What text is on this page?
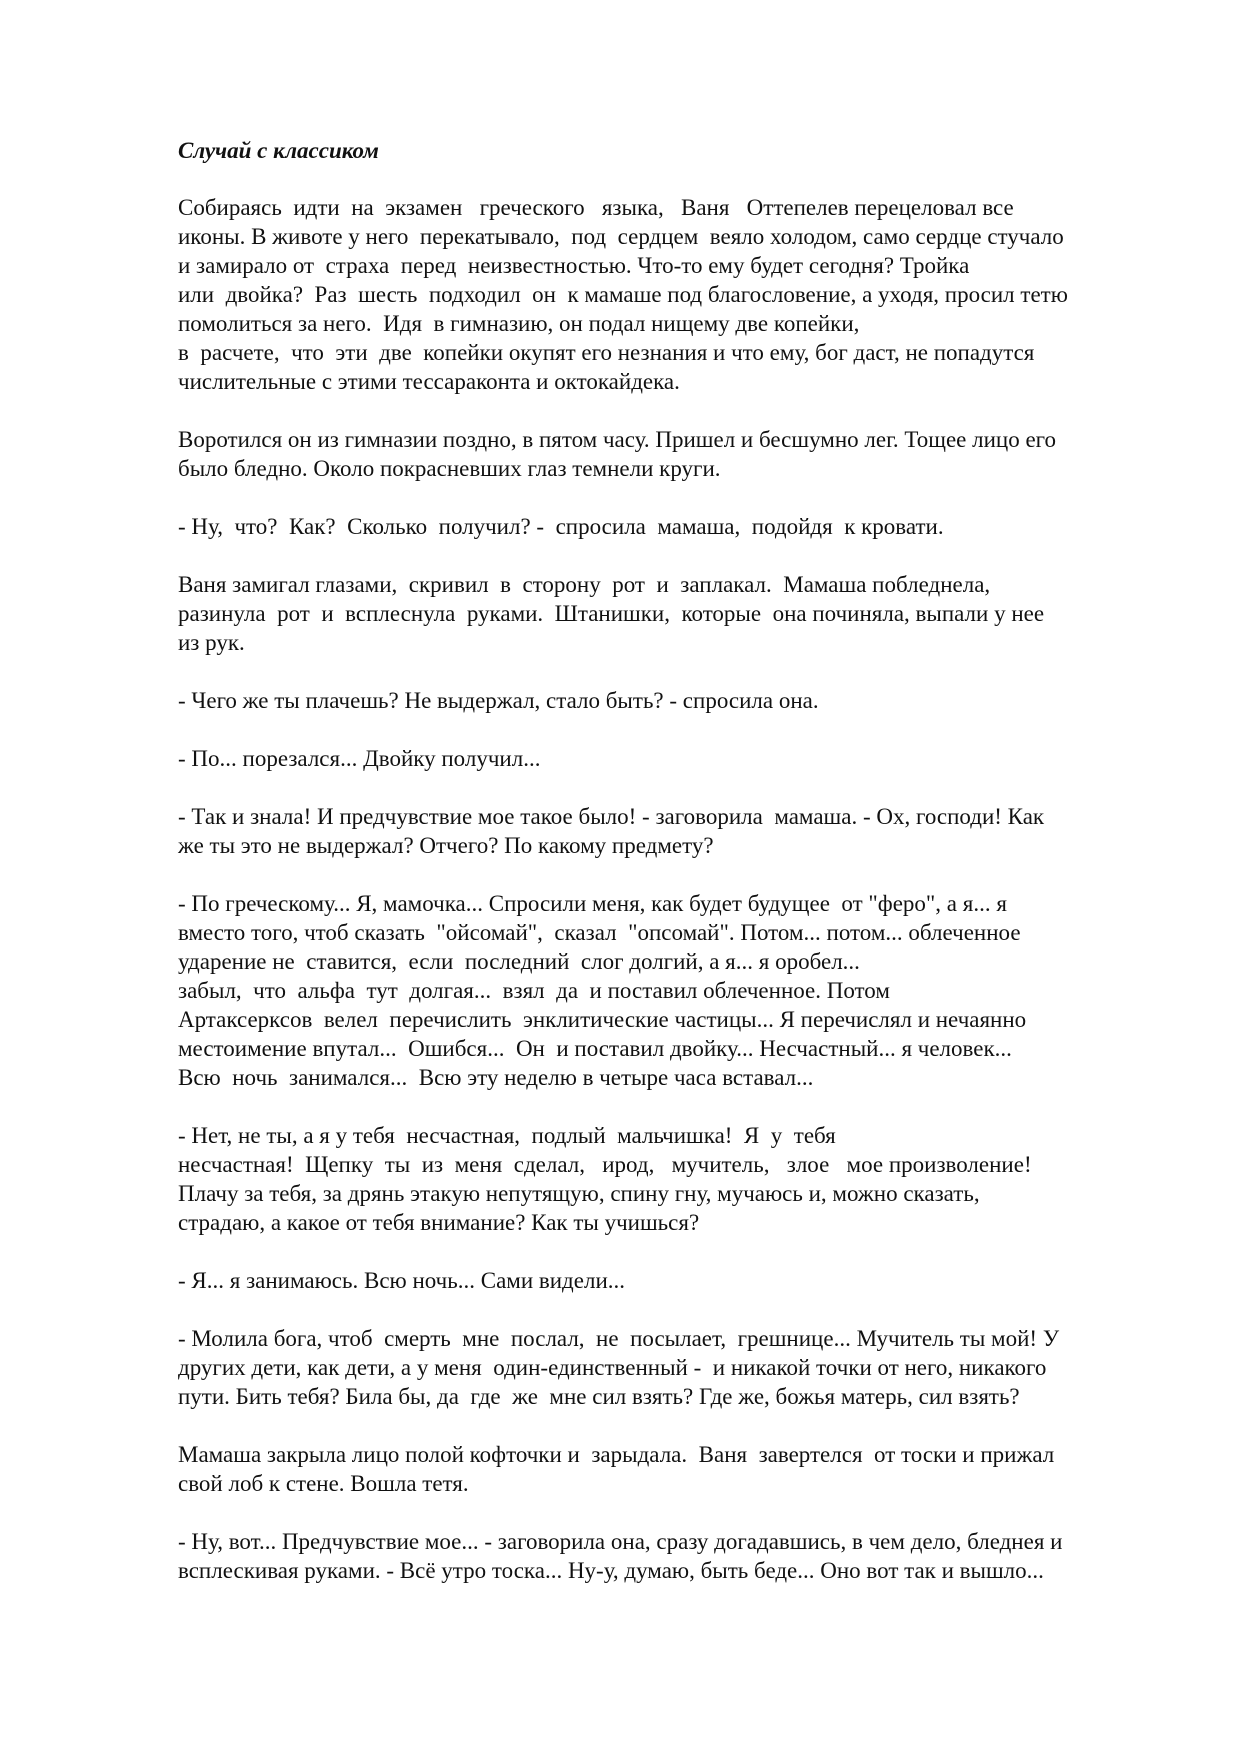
Случай с классиком
Собираясь  идти  на  экзамен   греческого   языка,   Ваня   Оттепелев перецеловал все
иконы. В животе у него  перекатывало,  под  сердцем  веяло холодом, само сердце стучало
и замирало от  страха  перед  неизвестностью. Что-то ему будет сегодня? Тройка
или  двойка?  Раз  шесть  подходил  он  к мамаше под благословение, а уходя, просил тетю
помолиться за него.  Идя  в гимназию, он подал нищему две копейки,
в  расчете,  что  эти  две  копейки окупят его незнания и что ему, бог даст, не попадутся
числительные с этими тессараконта и октокайдека.
Воротился он из гимназии поздно, в пятом часу. Пришел и бесшумно лег. Тощее лицо его
было бледно. Около покрасневших глаз темнели круги.
- Ну,  что?  Как?  Сколько  получил? -  спросила  мамаша,  подойдя  к кровати.
Ваня замигал глазами,  скривил  в  сторону  рот  и  заплакал.  Мамаша побледнела,
разинула  рот  и  всплеснула  руками.  Штанишки,  которые  она починяла, выпали у нее
из рук.
- Чего же ты плачешь? Не выдержал, стало быть? - спросила она.
- По... порезался... Двойку получил...
- Так и знала! И предчувствие мое такое было! - заговорила  мамаша. - Ох, господи! Как
же ты это не выдержал? Отчего? По какому предмету?
- По греческому... Я, мамочка... Спросили меня, как будет будущее  от "феро", а я... я
вместо того, чтоб сказать  "ойсомай",  сказал  "опсомай". Потом... потом... облеченное
ударение не  ставится,  если  последний  слог долгий, а я... я оробел...
забыл,  что  альфа  тут  долгая...  взял  да  и поставил облеченное. Потом
Артаксерксов  велел  перечислить  энклитические частицы... Я перечислял и нечаянно
местоимение впутал...  Ошибся...  Он  и поставил двойку... Несчастный... я человек...
Всю  ночь  занимался...  Всю эту неделю в четыре часа вставал...
- Нет, не ты, а я у тебя  несчастная,  подлый  мальчишка!  Я  у  тебя
несчастная!  Щепку  ты  из  меня  сделал,   ирод,   мучитель,   злое   мое произволение!
Плачу за тебя, за дрянь этакую непутящую, спину гну, мучаюсь и, можно сказать,
страдаю, а какое от тебя внимание? Как ты учишься?
- Я... я занимаюсь. Всю ночь... Сами видели...
- Молила бога, чтоб  смерть  мне  послал,  не  посылает,  грешнице... Мучитель ты мой! У
других дети, как дети, а у меня  один-единственный -  и никакой точки от него, никакого
пути. Бить тебя? Била бы, да  где  же  мне сил взять? Где же, божья матерь, сил взять?
Мамаша закрыла лицо полой кофточки и  зарыдала.  Ваня  завертелся  от тоски и прижал
свой лоб к стене. Вошла тетя.
- Ну, вот... Предчувствие мое... - заговорила она, сразу догадавшись, в чем дело, бледнея и
всплескивая руками. - Всё утро тоска... Ну-у, думаю, быть беде... Оно вот так и вышло...
